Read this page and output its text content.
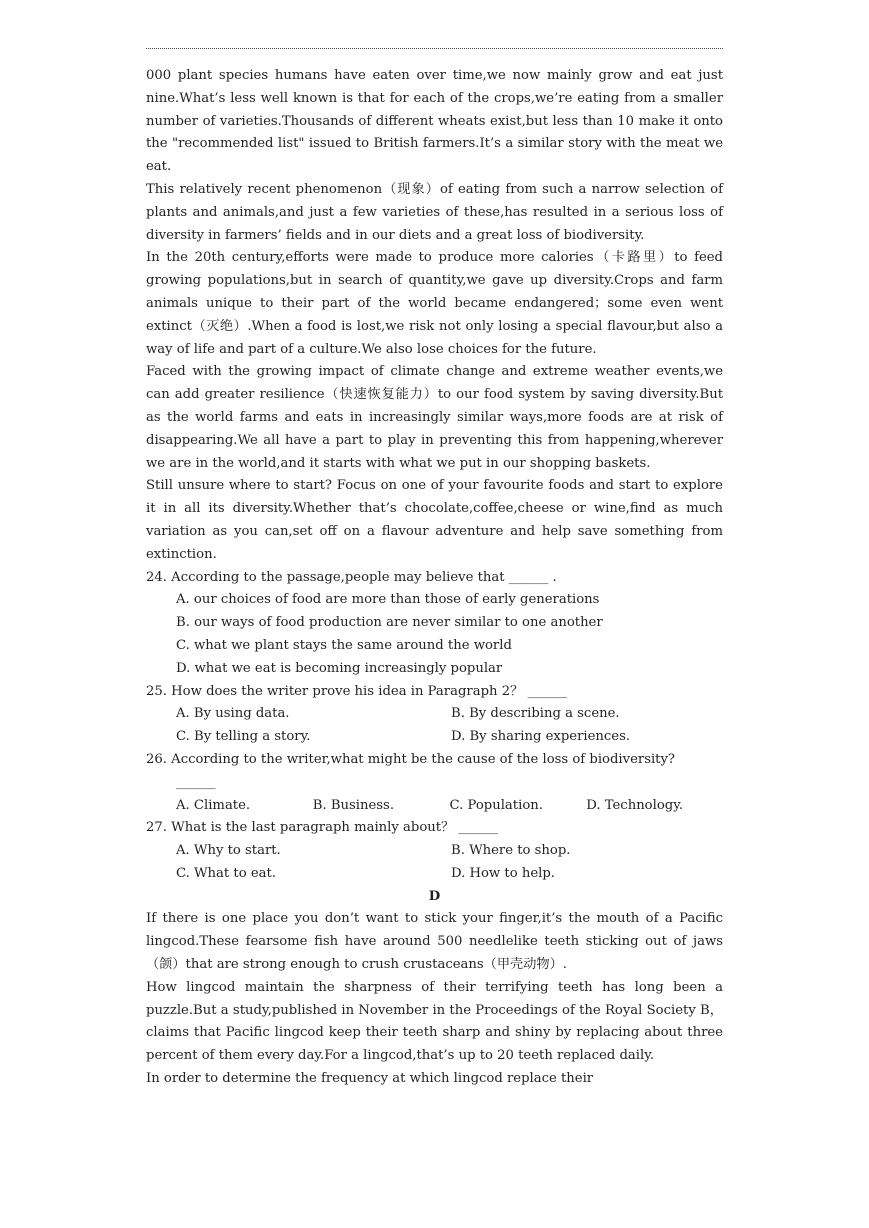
000 plant species humans have eaten over time,we now mainly grow and eat just nine.What’s less well known is that for each of the crops,we’re eating from a smaller number of varieties.Thousands of different wheats exist,but less than 10 make it onto the "recommended list" issued to British farmers.It’s a similar story with the meat we eat.

This relatively recent phenomenon（现象）of eating from such a narrow selection of plants and animals,and just a few varieties of these,has resulted in a serious loss of diversity in farmers’ fields and in our diets and a great loss of biodiversity.

In the 20th century,efforts were made to produce more calories（卡路里）to feed growing populations,but in search of quantity,we gave up diversity.Crops and farm animals unique to their part of the world became endangered；some even went extinct（灭绝）.When a food is lost,we risk not only losing a special flavour,but also a way of life and part of a culture.We also lose choices for the future.

Faced with the growing impact of climate change and extreme weather events,we can add greater resilience（快速恢复能力）to our food system by saving diversity.But as the world farms and eats in increasingly similar ways,more foods are at risk of disappearing.We all have a part to play in preventing this from happening,wherever we are in the world,and it starts with what we put in our shopping baskets.

Still unsure where to start? Focus on one of your favourite foods and start to explore it in all its diversity.Whether that’s chocolate,coffee,cheese or wine,find as much variation as you can,set off on a flavour adventure and help save something from extinction.

24. According to the passage,people may believe that ______ .
A. our choices of food are more than those of early generations
B. our ways of food production are never similar to one another
C. what we plant stays the same around the world
D. what we eat is becoming increasingly popular
25. How does the writer prove his idea in Paragraph 2？ ______
A. By using data.	B. By describing a scene.
C. By telling a story.	D. By sharing experiences.
26. According to the writer,what might be the cause of the loss of biodiversity?
______
A. Climate.	B. Business.	C. Population.	D. Technology.
27. What is the last paragraph mainly about？ ______
A. Why to start.	B. Where to shop.
C. What to eat.	D. How to help.
D

If there is one place you don’t want to stick your finger,it’s the mouth of a Pacific lingcod.These fearsome fish have around 500 needlelike teeth sticking out of jaws（颌）that are strong enough to crush crustaceans（甲壳动物）.

How lingcod maintain the sharpness of their terrifying teeth has long been a puzzle.But a study,published in November in the Proceedings of the Royal Society B，claims that Pacific lingcod keep their teeth sharp and shiny by replacing about three percent of them every day.For a lingcod,that’s up to 20 teeth replaced daily.

In order to determine the frequency at which lingcod replace their
